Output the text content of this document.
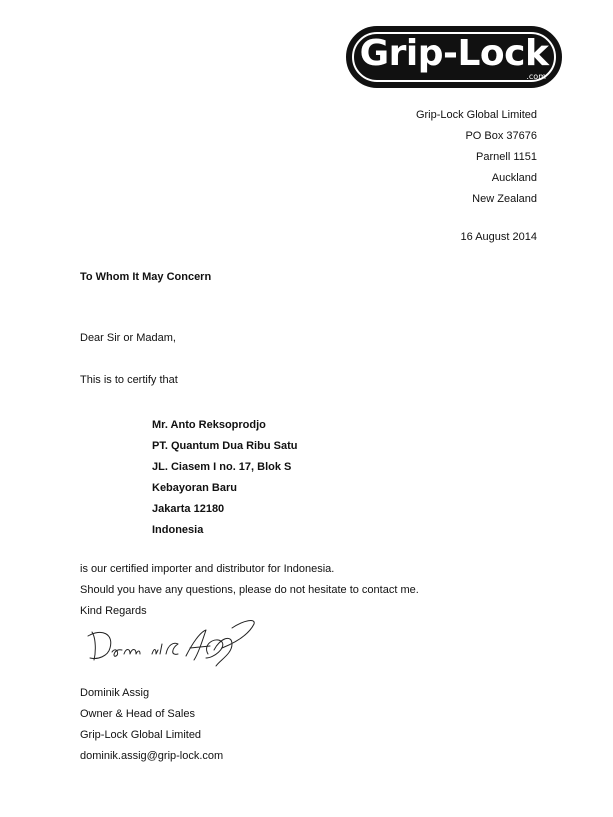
Grip-Lock
.com
Grip-Lock Global Limited
PO Box 37676
Parnell 1151
Auckland
New Zealand
16 August 2014
To Whom It May Concern
Dear Sir or Madam,
This is to certify that
Mr. Anto Reksoprodjo
PT. Quantum Dua Ribu Satu
JL. Ciasem I no. 17, Blok S
Kebayoran Baru
Jakarta 12180
Indonesia
is our certified importer and distributor for Indonesia.
Should you have any questions, please do not hesitate to contact me.
Kind Regards
Dominik Assig
Owner & Head of Sales
Grip-Lock Global Limited
dominik.assig@grip-lock.com
